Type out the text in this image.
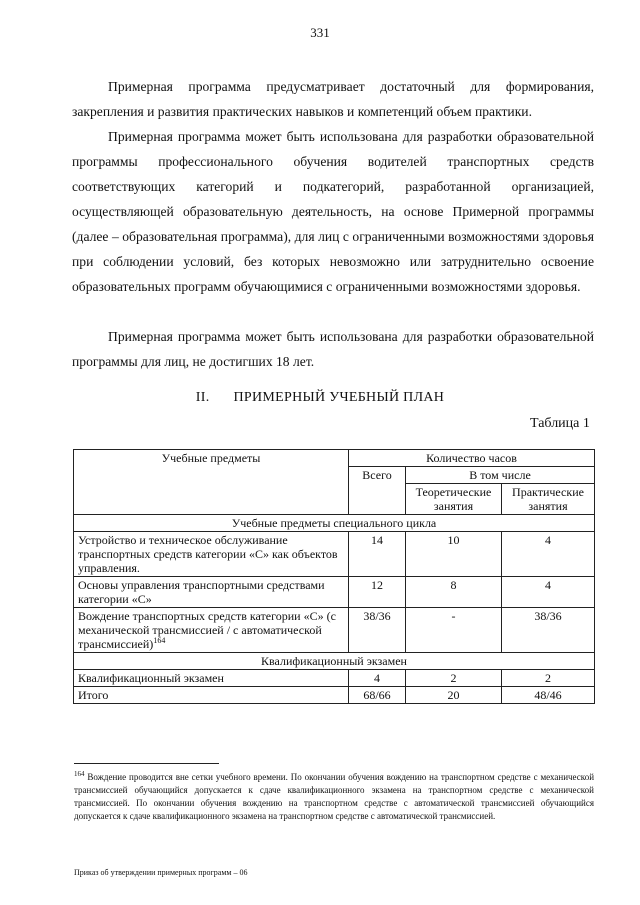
331

Примерная программа предусматривает достаточный для формирования, закрепления и развития практических навыков и компетенций объем практики.

Примерная программа может быть использована для разработки образовательной программы профессионального обучения водителей транспортных средств соответствующих категорий и подкатегорий, разработанной организацией, осуществляющей образовательную деятельность, на основе Примерной программы (далее – образовательная программа), для лиц с ограниченными возможностями здоровья при соблюдении условий, без которых невозможно или затруднительно освоение образовательных программ обучающимися с ограниченными возможностями здоровья.

Примерная программа может быть использована для разработки образовательной программы для лиц, не достигших 18 лет.

II. ПРИМЕРНЫЙ УЧЕБНЫЙ ПЛАН
Таблица 1
Учебные предметы	Количество часов		
	Всего	В том числе	
		Теоретические занятия	Практические занятия
Учебные предметы специального цикла			
Устройство и техническое обслуживание транспортных средств категории «C» как объектов управления.	14	10	4
Основы управления транспортными средствами категории «C»	12	8	4
Вождение транспортных средств категории «C» (с механической трансмиссией / с автоматической трансмиссией)$^{164}$	38/36	-	38/36
Квалификационный экзамен			
Квалификационный экзамен	4	2	2
Итого	68/66	20	48/46

$^{164}$ Вождение проводится вне сетки учебного времени. По окончании обучения вождению на транспортном средстве с механической трансмиссией обучающийся допускается к сдаче квалификационного экзамена на транспортном средстве с механической трансмиссией. По окончании обучения вождению на транспортном средстве с автоматической трансмиссией обучающийся допускается к сдаче квалификационного экзамена на транспортном средстве с автоматической трансмиссией.

Приказ об утверждении примерных программ – 06
